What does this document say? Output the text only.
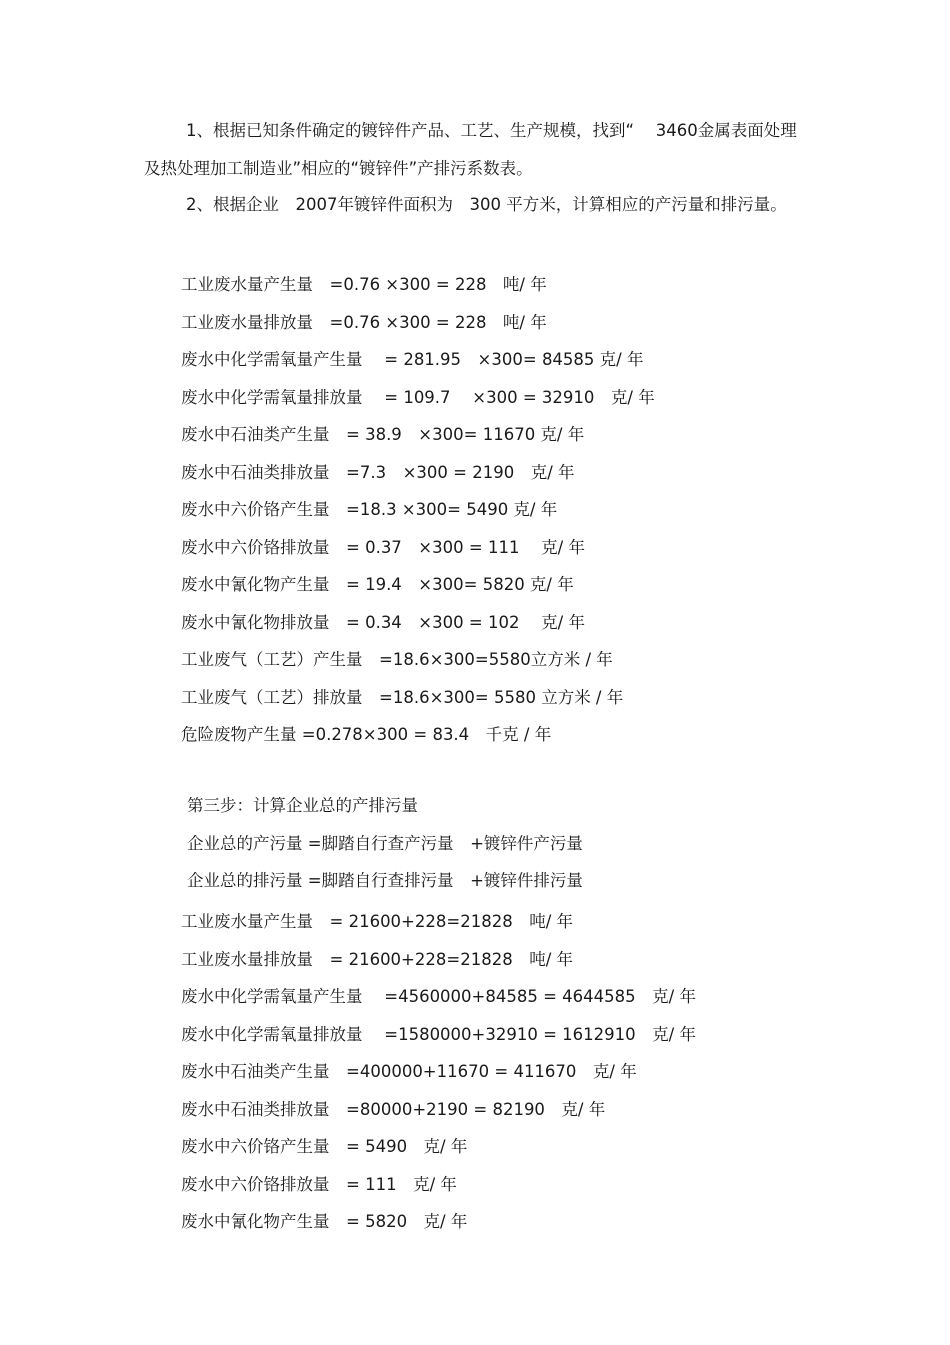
1、根据已知条件确定的镀锌件产品、工艺、生产规模，找到“　 3460金属表面处理及热处理加工制造业”相应的“镀锌件”产排污系数表。

2、根据企业　2007年镀锌件面积为　300 平方米，计算相应的产污量和排污量。

工业废水量产生量　=0.76 ×300 = 228　吨/ 年
工业废水量排放量　=0.76 ×300 = 228　吨/ 年
废水中化学需氧量产生量　 = 281.95　×300= 84585 克/ 年
废水中化学需氧量排放量　 = 109.7　 ×300 = 32910　克/ 年
废水中石油类产生量　= 38.9　×300= 11670 克/ 年
废水中石油类排放量　=7.3　×300 = 2190　克/ 年
废水中六价铬产生量　=18.3 ×300= 5490 克/ 年
废水中六价铬排放量　= 0.37　×300 = 111　 克/ 年
废水中氰化物产生量　= 19.4　×300= 5820 克/ 年
废水中氰化物排放量　= 0.34　×300 = 102　 克/ 年
工业废气（工艺）产生量　=18.6×300=5580立方米 / 年
工业废气（工艺）排放量　=18.6×300= 5580 立方米 / 年
危险废物产生量 =0.278×300 = 83.4　千克 / 年
第三步：计算企业总的产排污量
企业总的产污量 =脚踏自行查产污量　+镀锌件产污量
企业总的排污量 =脚踏自行查排污量　+镀锌件排污量
工业废水量产生量　= 21600+228=21828　吨/ 年
工业废水量排放量　= 21600+228=21828　吨/ 年
废水中化学需氧量产生量　 =4560000+84585 = 4644585　克/ 年
废水中化学需氧量排放量　 =1580000+32910 = 1612910　克/ 年
废水中石油类产生量　=400000+11670 = 411670　克/ 年
废水中石油类排放量　=80000+2190 = 82190　克/ 年
废水中六价铬产生量　= 5490　克/ 年
废水中六价铬排放量　= 111　克/ 年
废水中氰化物产生量　= 5820　克/ 年
